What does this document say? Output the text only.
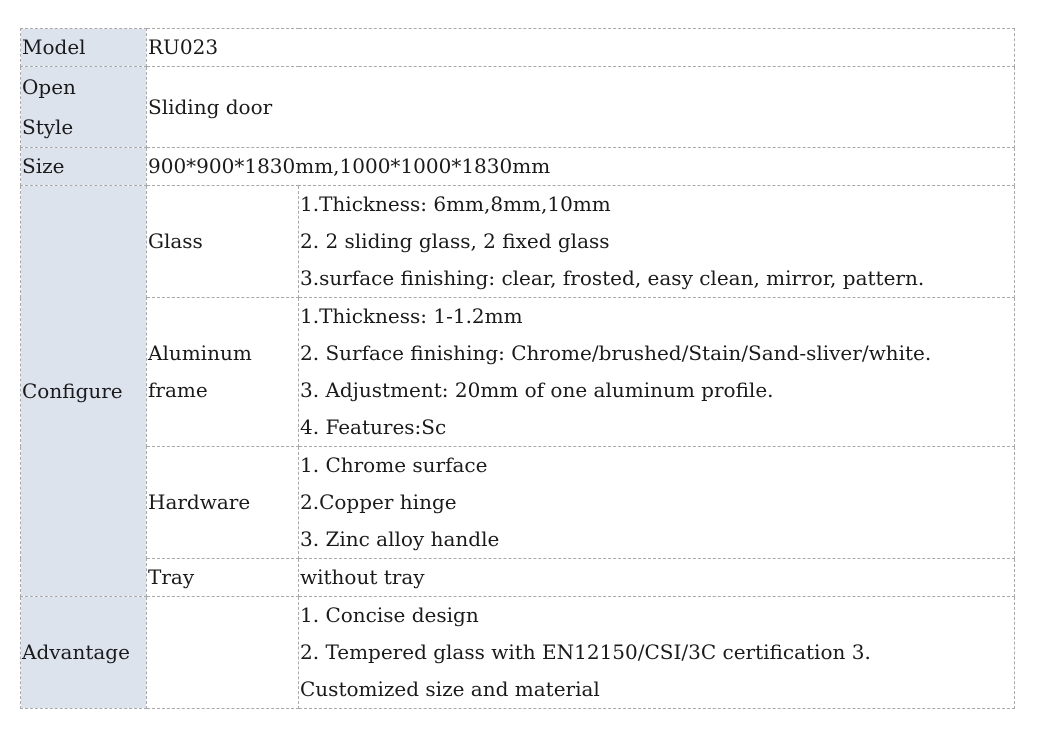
Model	RU023	

Open
Style	Sliding door	
Size	900*900*1830mm,1000*1000*1830mm	
Configure	Glass	1.Thickness: 6mm,8mm,10mm
2. 2 sliding glass, 2 fixed glass
3.surface finishing: clear, frosted, easy clean, mirror, pattern.

	Aluminum
frame	1.Thickness: 1-1.2mm
2. Surface finishing: Chrome/brushed/Stain/Sand-sliver/white.
3. Adjustment: 20mm of one aluminum profile.
4. Features:Sc

	Hardware	1. Chrome surface
2.Copper hinge
3. Zinc alloy handle

	Tray	without tray
Advantage		1. Concise design
2. Tempered glass with EN12150/CSI/3C certification 3.
Customized size and material
